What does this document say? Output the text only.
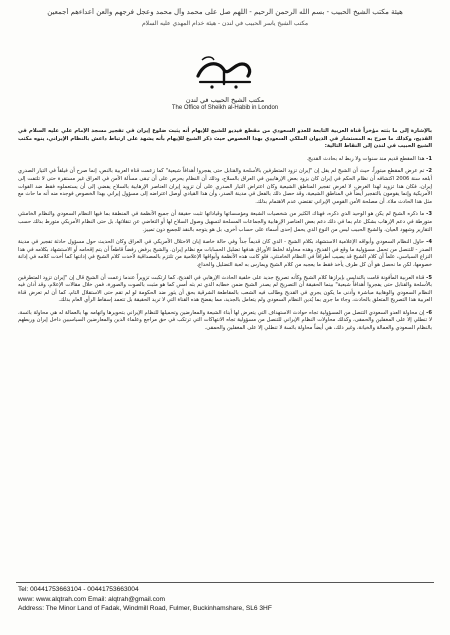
هيئة مكتب الشيخ الحبيب - بسم الله الرحمن الرحيم - اللهم صل على محمد وآل محمد وعجل فرجهم والعن أعداءهم أجمعين
مكتب الشيخ ياسر الحبيب في لندن - هيئة خدام المهدي عليه السلام
مكتب الشيخ الحبيب في لندن
The Office of Sheikh al-Habib in London

بالإشارة إلى ما بثته مؤخراً قناة العربية التابعة للعدو السعودي من مقطع فيديو للشيخ للإيهام أنه يثبت ضلوع إيران في تفجير مسجد الإمام علي عليه السلام في القديح، وكذلك ما صرح به المستشار في الديوان الملكي السعودي بهذا الخصوص حيث ذكر الشيخ للإيهام بأنه يشهد على ارتباط داعش بالنظام الإيراني، ينوه مكتب الشيخ الحبيب في لندن إلى النقاط التالية:

1- هذا المقطع قديم منذ سنوات ولا ربط له بحادث القديح.

2- تم عرض المقطع مبتوراً، حيث أن الشيخ لم يقل إن "إيران تزود المتطرفين بالأسلحة والقنابل حتى يفجروا أهدافاً شيعية" كما زعمت قناة العربية بالنص، إنما صرح أن فيلقاً في التيار الصدري أبلغه سنة 2006 اكتشافه أن نظام الحكم في إيران كان يزود بعض الإرهابيين في العراق بالسلاح، وذلك أن النظام يحرص على أن تبقى مسألة الأمن في العراق غير مستقرة حتى لا تلتفت إلى إيران، فكان هذا تزويد لهذا الغرض، لا لغرض تفجير المناطق الشيعية وكان اعتراض التيار الصدري على أن تزويد إيران العناصر الإرهابية بالسلاح يفضي إلى أن يستعملوه فقط ضد القوات الأمريكية وإنما يقومون بالتفجير أيضاً في المناطق الشيعية، وقد حصل ذلك بالفعل في مدينة الصدر، وأن هذا القيادي أوصل اعتراضه إلى مسؤول إيراني بهذا الخصوص فوجده منه أنه ما حاث مع مثل هذا الحادث ملاء. أن مصلحة الأمن القومي الإيراني تقتضي عدم الاهتمام بذلك.

3- ما ذكره الشيخ لم يكن هو الوحيد الذي ذكره، فهناك الكثير من شخصيات الشيعة ومؤسساتها وقياداتها تثبت حقيقة أن جميع الأنظمة في المنطقة بما فيها النظام السعودي والنظام الخامنئي متورطة في دعم الإرهاب بشكل عام بما في ذلك دعم بعض العناصر الإرهابية والجماعات المسلحة لتسهيل وصول السلاح لها أو التغاضي عن تنقلاتها، بل حتى النظام الأمريكي متورط بذلك حسب التقارير وشهود العيان، والشيخ الحبيب ليس من النوع الذي يحمل إحدى أسماء على حساب أخرى، بل هو يتوجه بالنقد للجميع دون تمييز.

4- حاول النظام السعودي وأبواقه الإعلامية الاستشهاد بكلام الشيخ - الذي كان قديماً جداً وفي حالة خاصة إبان الاحتلال الأمريكي في العراق وكان الحديث حول مسؤول حادثة تفجير في مدينة الصدر - للتنصل من تحمل مسؤولية ما وقع في القديح، وهذه محاولة لخلط الأوراق هدفها تضليل الحسابات مع نظام إيران. والشيخ يرفض رفضاً قاطعاً أن يتم إقحامه أو الاستشهاد بكلامه في هذا النزاع السياسي، علماً أن كلام الشيخ قد يصيب أطرافاً في النظام الخامنئي، فلو كانت هذه الأنظمة وأبواقها الإعلامية من تلتزم بالمصداقية لأخذت كلام الشيخ في إدانتها كما أخذت كلامه في إدانة خصومها، لكن ما نحصل هو أن كل طرف يأخذ فقط ما يعجبه من كلام الشيخ ويمارس به لعبة التضليل والخداع.

5- قناة العربية المأفونة قامت بالتدليس بإبرازها كلام الشيخ وكأنه تصريح جديد على خلفية الحادث الإرهابي في القديح، كما ارتكبت تزويراً عندما زعمت أن الشيخ قال إن "إيران تزود المتطرفين بالأسلحة والقنابل حتى يفجروا أهدافاً شيعية" بينما الحقيقة أن التصريح لم يصدر الشيخ ضمن خطابه الذي تم بثه أمس كما هو مثبت بالصوت والصورة، فمن خلال مقالات الإعلام، وقد أدان فيه النظام السعودي والوهابية مباشرة وأدنى ما يكون يجري في القديح وطالب فيه الشعب بالمقاطعة الشرقية بحق أن يثور ضد الحكومة لو لم تقم حتى الاستقلال التام، كما أن لم تعرض قناة العربية هذا التصريح المتعلق بالحادث، وجاء ما جرى بما يُدين النظام السعودي ولم يتعامل بالجديد، مما يفضح هذه القناة التي لا تريد الحقيقة بل تتعمد إسقاط الرأي العام بذلك.

6- إن محاولة العدو السعودي التنصل من المسؤولية تجاه حوادث الاستهداف التي يتعرض لها أبناء الشيعة والمعارضين وتحميلها للنظام الإيراني بتحويرها واتهامه بها بالعمالة له هي محاولة بائسة، لا تنطلي إلا على المغفلين والحمقى، وكذلك محاولات النظام الإيراني للتنصل من مسؤولية تجاه الانتهاكات التي ترتكب في حق مراجع وعلماء الدين والمعارضين السياسيين داخل إيران وربطهم بالنظام السعودي والعمالة والخيانة، وغير ذلك، هي أيضاً محاولة بائسة لا تنطلي إلا على المغفلين والحمقى.

Tel: 00441753663104 - 00441753663004
www: www.alqtrah.com Email: alqtrah@gmail.com
Address: The Minor Land of Fadak, Windmill Road, Fulmer, Buckinhamshare, SL6 3HF
